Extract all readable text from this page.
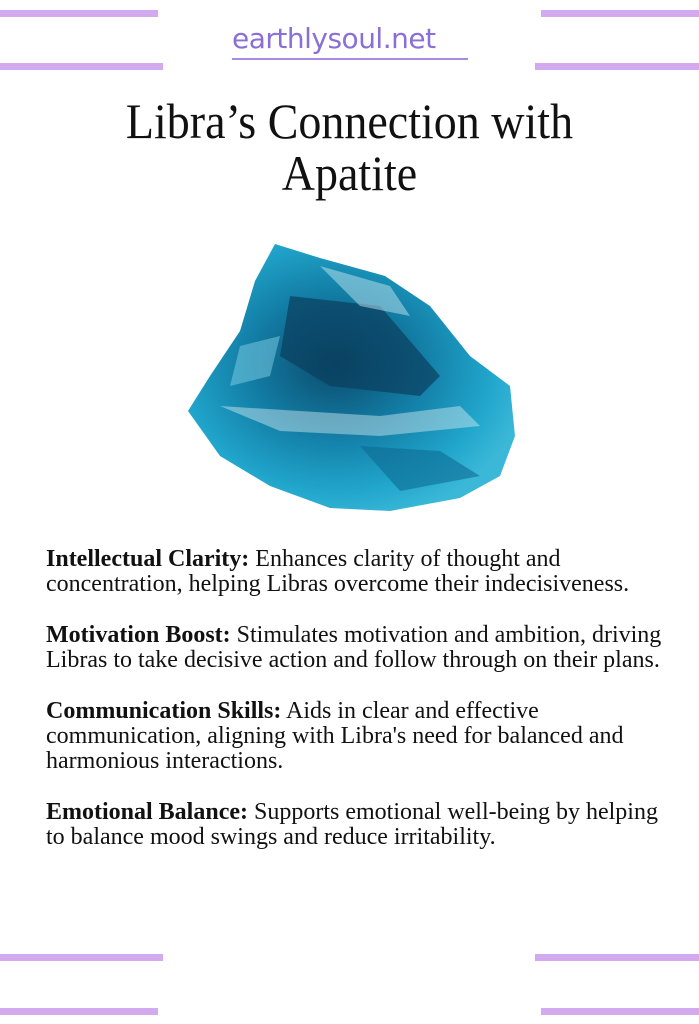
earthlysoul.net
Libra’s Connection with
Apatite

Intellectual Clarity: Enhances clarity of thought and concentration, helping Libras overcome their indecisiveness.

Motivation Boost: Stimulates motivation and ambition, driving Libras to take decisive action and follow through on their plans.

Communication Skills: Aids in clear and effective communication, aligning with Libra's need for balanced and harmonious interactions.

Emotional Balance: Supports emotional well-being by helping to balance mood swings and reduce irritability.
